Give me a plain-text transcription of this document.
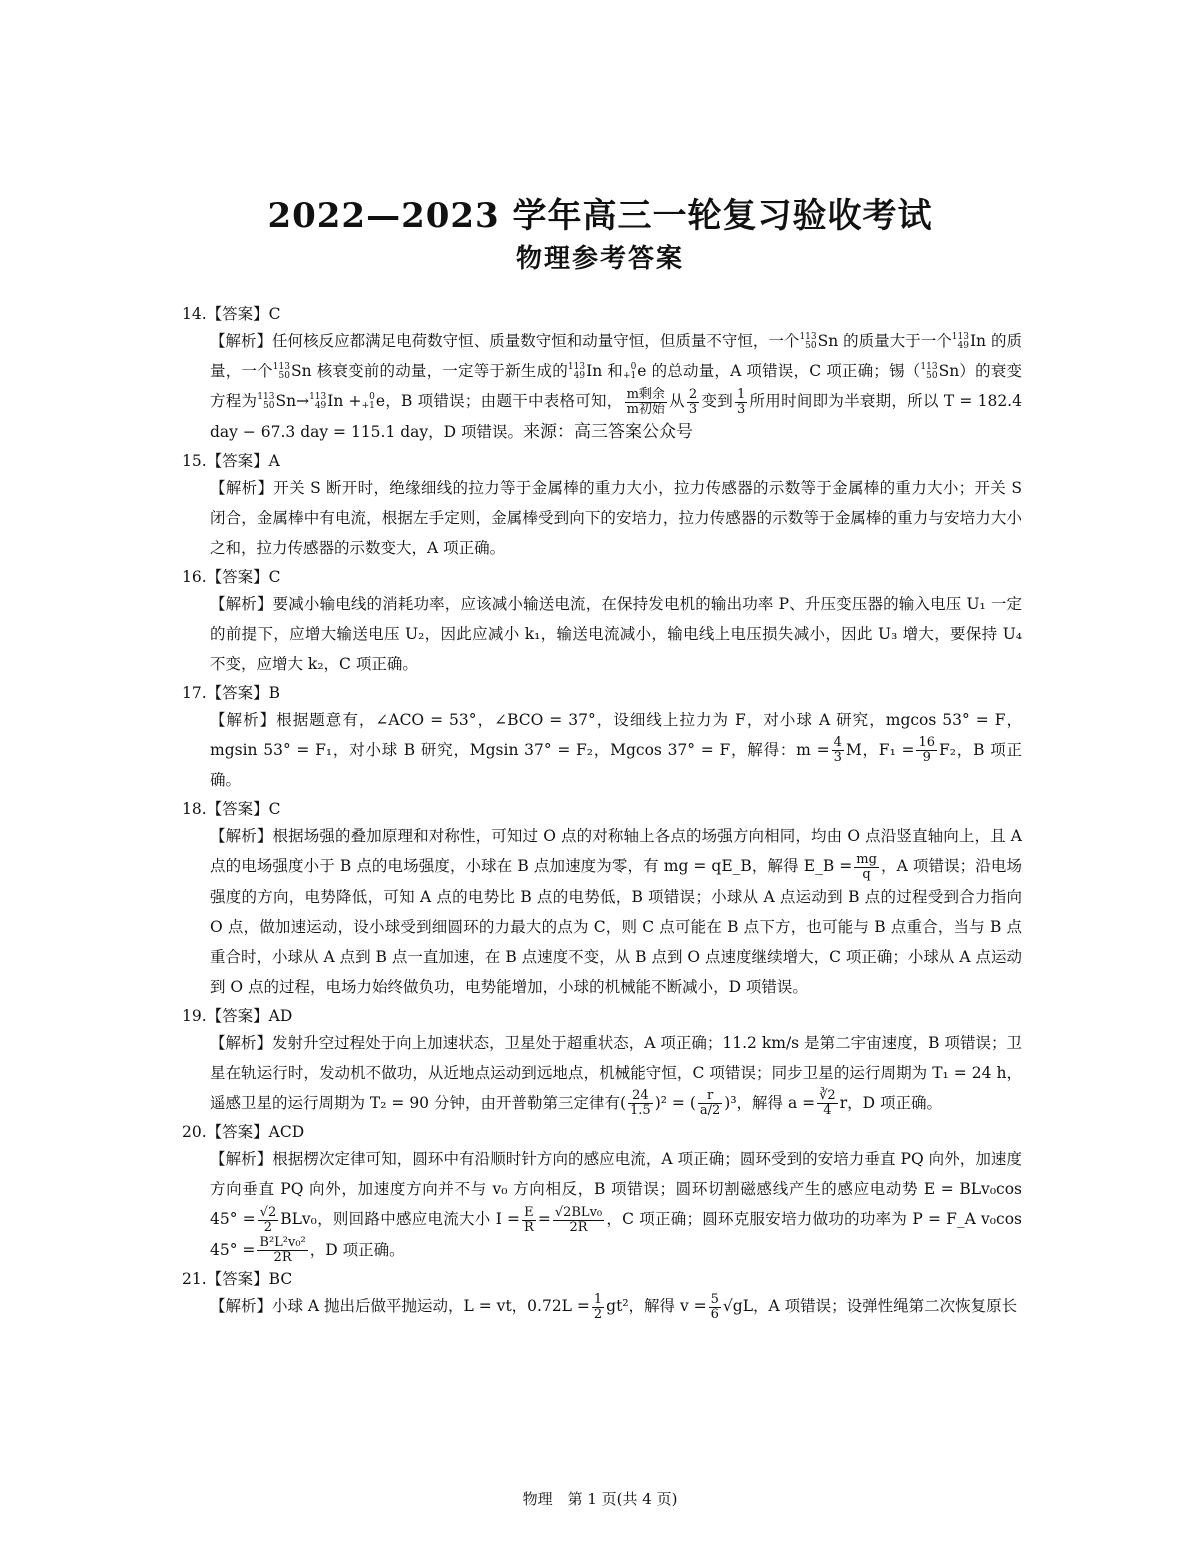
2022—2023 学年高三一轮复习验收考试
物理参考答案
14.【答案】C

【解析】任何核反应都满足电荷数守恒、质量数守恒和动量守恒，但质量不守恒，一个 113
50 Sn 的质量大于一个 113
49 In 的质量，一个 113
50 Sn 核衰变前的动量，一定等于新生成的 113
49 In 和 0
+1 e 的总动量，A 项错误，C 项正确；锡（ 113
50 Sn）的衰变方程为 113
50 Sn→ 113
49 In + 0
+1 e，B 项错误；由题干中表格可知， $\frac{\text{m剩余}}{\text{m初始}}$ 从 $\frac{2}{3}$ 变到 $\frac{1}{3}$ 所用时间即为半衰期，所以 T = 182.4 day − 67.3 day = 115.1 day，D 项错误。来源：高三答案公众号

15.【答案】A
【解析】开关 S 断开时，绝缘细线的拉力等于金属棒的重力大小，拉力传感器的示数等于金属棒的重力大小；开关 S 闭合，金属棒中有电流，根据左手定则，金属棒受到向下的安培力，拉力传感器的示数等于金属棒的重力与安培力大小之和，拉力传感器的示数变大，A 项正确。
16.【答案】C
【解析】要减小输电线的消耗功率，应该减小输送电流，在保持发电机的输出功率 P、升压变压器的输入电压 U₁ 一定的前提下，应增大输送电压 U₂，因此应减小 k₁，输送电流减小，输电线上电压损失减小，因此 U₃ 增大，要保持 U₄ 不变，应增大 k₂，C 项正确。
17.【答案】B
【解析】根据题意有，∠ACO = 53°，∠BCO = 37°，设细线上拉力为 F，对小球 A 研究，mgcos 53° = F，mgsin 53° = F₁，对小球 B 研究，Mgsin 37° = F₂，Mgcos 37° = F，解得：$m = \frac{4}{3}$ M，$F_1 = \frac{16}{9} F_2$，B 项正确。
18.【答案】C
【解析】根据场强的叠加原理和对称性，可知过 O 点的对称轴上各点的场强方向相同，均由 O 点沿竖直轴向上，且 A 点的电场强度小于 B 点的电场强度，小球在 B 点加速度为零，有 mg = qE_B，解得 E_B = $\frac{mg}{q}$ ，A 项错误；沿电场强度的方向，电势降低，可知 A 点的电势比 B 点的电势低，B 项错误；小球从 A 点运动到 B 点的过程受到合力指向 O 点，做加速运动，设小球受到细圆环的力最大的点为 C，则 C 点可能在 B 点下方，也可能与 B 点重合，当与 B 点重合时，小球从 A 点到 B 点一直加速，在 B 点速度不变，从 B 点到 O 点速度继续增大，C 项正确；小球从 A 点运动到 O 点的过程，电场力始终做负功，电势能增加，小球的机械能不断减小，D 项错误。
19.【答案】AD
【解析】发射升空过程处于向上加速状态，卫星处于超重状态，A 项正确；11.2 km/s 是第二宇宙速度，B 项错误；卫星在轨运行时，发动机不做功，从近地点运动到远地点，机械能守恒，C 项错误；同步卫星的运行周期为 T₁ = 24 h，遥感卫星的运行周期为 T₂ = 90 分钟，由开普勒第三定律有( $\frac{24}{1.5} )^2$ = ( $\frac{r}{a/2} )^3$，解得 $a = \frac{∛2}{4}$ r，D 项正确。
20.【答案】ACD
【解析】根据楞次定律可知，圆环中有沿顺时针方向的感应电流，A 项正确；圆环受到的安培力垂直 PQ 向外，加速度方向垂直 PQ 向外，加速度方向并不与 v₀ 方向相反，B 项错误；圆环切割磁感线产生的感应电动势 E = BLv₀cos $45^\circ = \frac{√2}{2} BLv_0$，则回路中感应电流大小 $I = \frac{E}{R} = \frac{\text{√2BLv₀}}{2R}$ ，C 项正确；圆环克服安培力做功的功率为 P = F_A v₀cos $45^\circ = \frac{\text{B²L²v₀²}}{2R}$ ，D 项正确。
21.【答案】BC
【解析】小球 A 抛出后做平抛运动，L = vt，$0.72L = \frac{1}{2} gt^2$，解得 $v = \frac{5}{6} √gL$，A 项错误；设弹性绳第二次恢复原长
物理　第 1 页(共 4 页)
